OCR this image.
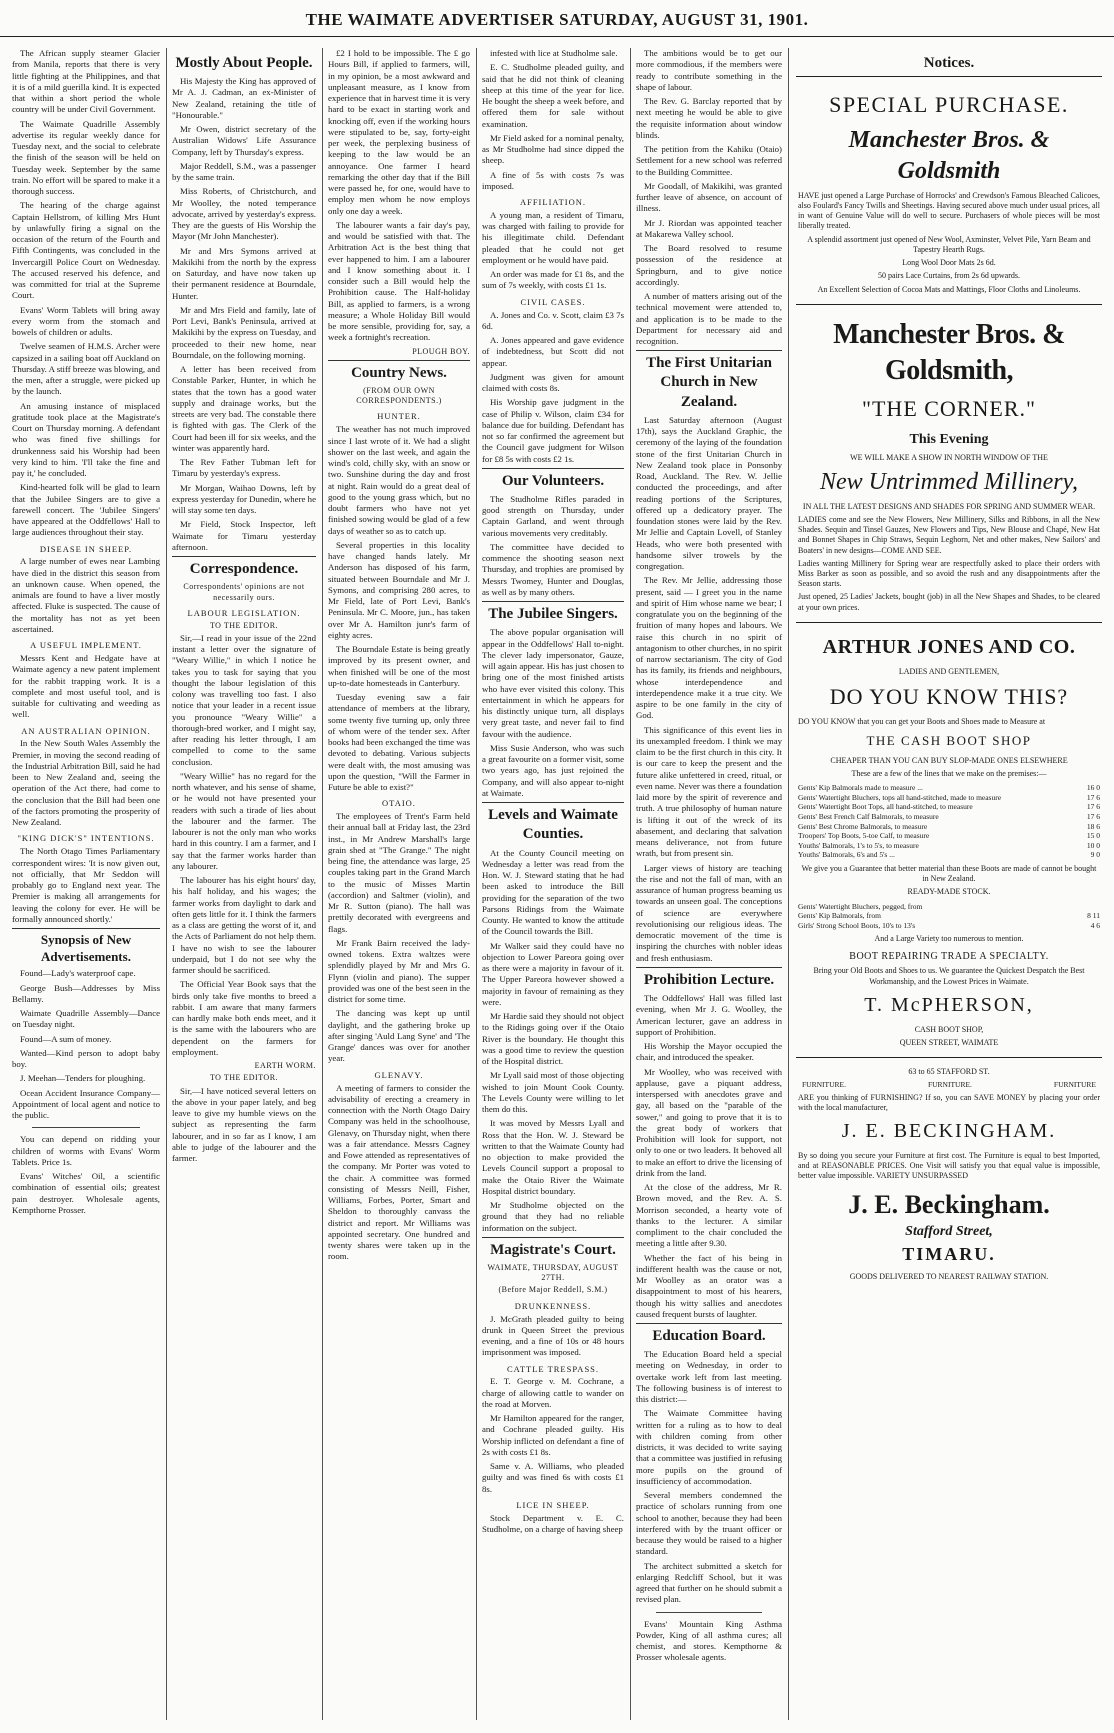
THE WAIMATE ADVERTISER SATURDAY, AUGUST 31, 1901.

The African supply steamer Glacier from Manila, reports that there is very little fighting at the Philippines, and that it is of a mild guerilla kind. It is expected that within a short period the whole country will be under Civil Government.

The Waimate Quadrille Assembly advertise its regular weekly dance for Tuesday next, and the social to celebrate the finish of the season will be held on Tuesday week. September by the same train. No effort will be spared to make it a thorough success.

The hearing of the charge against Captain Hellstrom, of killing Mrs Hunt by unlawfully firing a signal on the occasion of the return of the Fourth and Fifth Contingents, was concluded in the Invercargill Police Court on Wednesday. The accused reserved his defence, and was committed for trial at the Supreme Court.

Evans' Worm Tablets will bring away every worm from the stomach and bowels of children or adults.

Twelve seamen of H.M.S. Archer were capsized in a sailing boat off Auckland on Thursday. A stiff breeze was blowing, and the men, after a struggle, were picked up by the launch.

An amusing instance of misplaced gratitude took place at the Magistrate's Court on Thursday morning. A defendant who was fined five shillings for drunkenness said his Worship had been very kind to him. 'I'll take the fine and pay it,' he concluded.

Kind-hearted folk will be glad to learn that the Jubilee Singers are to give a farewell concert. The 'Jubilee Singers' have appeared at the Oddfellows' Hall to large audiences throughout their stay.

DISEASE IN SHEEP.

A large number of ewes near Lambing have died in the district this season from an unknown cause. When opened, the animals are found to have a liver mostly affected. Fluke is suspected. The cause of the mortality has not as yet been ascertained.

A USEFUL IMPLEMENT.

Messrs Kent and Hedgate have at Waimate agency a new patent implement for the rabbit trapping work. It is a complete and most useful tool, and is suitable for cultivating and weeding as well.

AN AUSTRALIAN OPINION.

In the New South Wales Assembly the Premier, in moving the second reading of the Industrial Arbitration Bill, said he had been to New Zealand and, seeing the operation of the Act there, had come to the conclusion that the Bill had been one of the factors promoting the prosperity of New Zealand.

"KING DICK'S" INTENTIONS.

The North Otago Times Parliamentary correspondent wires: 'It is now given out, not officially, that Mr Seddon will probably go to England next year. The Premier is making all arrangements for leaving the colony for ever. He will be formally announced shortly.'

Synopsis of New Advertisements.

Found—Lady's waterproof cape.

George Bush—Addresses by Miss Bellamy.

Waimate Quadrille Assembly—Dance on Tuesday night.

Found—A sum of money.

Wanted—Kind person to adopt baby boy.

J. Meehan—Tenders for ploughing.

Ocean Accident Insurance Company—Appointment of local agent and notice to the public.

You can depend on ridding your children of worms with Evans' Worm Tablets. Price 1s.

Evans' Witches' Oil, a scientific combination of essential oils; greatest pain destroyer. Wholesale agents, Kempthorne Prosser.

Mostly About People.

His Majesty the King has approved of Mr A. J. Cadman, an ex-Minister of New Zealand, retaining the title of "Honourable."

Mr Owen, district secretary of the Australian Widows' Life Assurance Company, left by Thursday's express.

Major Reddell, S.M., was a passenger by the same train.

Miss Roberts, of Christchurch, and Mr Woolley, the noted temperance advocate, arrived by yesterday's express. They are the guests of His Worship the Mayor (Mr John Manchester).

Mr and Mrs Symons arrived at Makikihi from the north by the express on Saturday, and have now taken up their permanent residence at Bourndale, Hunter.

Mr and Mrs Field and family, late of Port Levi, Bank's Peninsula, arrived at Makikihi by the express on Tuesday, and proceeded to their new home, near Bourndale, on the following morning.

A letter has been received from Constable Parker, Hunter, in which he states that the town has a good water supply and drainage works, but the streets are very bad. The constable there is fighted with gas. The Clerk of the Court had been ill for six weeks, and the winter was apparently hard.

The Rev Father Tubman left for Timaru by yesterday's express.

Mr Morgan, Waihao Downs, left by express yesterday for Dunedin, where he will stay some ten days.

Mr Field, Stock Inspector, left Waimate for Timaru yesterday afternoon.

Correspondence.
Correspondents' opinions are not necessarily ours.
LABOUR LEGISLATION.
TO THE EDITOR.

Sir,—I read in your issue of the 22nd instant a letter over the signature of "Weary Willie," in which I notice he takes you to task for saying that you thought the labour legislation of this colony was travelling too fast. I also notice that your leader in a recent issue you pronounce "Weary Willie" a thorough-bred worker, and I might say, after reading his letter through, I am compelled to come to the same conclusion.

"Weary Willie" has no regard for the north whatever, and his sense of shame, or he would not have presented your readers with such a tirade of lies about the labourer and the farmer. The labourer is not the only man who works hard in this country. I am a farmer, and I say that the farmer works harder than any labourer.

The labourer has his eight hours' day, his half holiday, and his wages; the farmer works from daylight to dark and often gets little for it. I think the farmers as a class are getting the worst of it, and the Acts of Parliament do not help them. I have no wish to see the labourer underpaid, but I do not see why the farmer should be sacrificed.

The Official Year Book says that the birds only take five months to breed a rabbit. I am aware that many farmers can hardly make both ends meet, and it is the same with the labourers who are dependent on the farmers for employment.

EARTH WORM.
TO THE EDITOR.

Sir,—I have noticed several letters on the above in your paper lately, and beg leave to give my humble views on the subject as representing the farm labourer, and in so far as I know, I am able to judge of the labourer and the farmer.

£2 I hold to be impossible. The £ go Hours Bill, if applied to farmers, will, in my opinion, be a most awkward and unpleasant measure, as I know from experience that in harvest time it is very hard to be exact in starting work and knocking off, even if the working hours were stipulated to be, say, forty-eight per week, the perplexing business of keeping to the law would be an annoyance. One farmer I heard remarking the other day that if the Bill were passed he, for one, would have to employ men whom he now employs only one day a week.

The labourer wants a fair day's pay, and would be satisfied with that. The Arbitration Act is the best thing that ever happened to him. I am a labourer and I know something about it. I consider such a Bill would help the Prohibition cause. The Half-holiday Bill, as applied to farmers, is a wrong measure; a Whole Holiday Bill would be more sensible, providing for, say, a week a fortnight's recreation.

PLOUGH BOY.
Country News.
(FROM OUR OWN CORRESPONDENTS.)
HUNTER.

The weather has not much improved since I last wrote of it. We had a slight shower on the last week, and again the wind's cold, chilly sky, with an snow or two. Sunshine during the day and frost at night. Rain would do a great deal of good to the young grass which, but no doubt farmers who have not yet finished sowing would be glad of a few days of weather so as to catch up.

Several properties in this locality have changed hands lately. Mr Anderson has disposed of his farm, situated between Bourndale and Mr J. Symons, and comprising 280 acres, to Mr Field, late of Port Levi, Bank's Peninsula. Mr C. Moore, jun., has taken over Mr A. Hamilton junr's farm of eighty acres.

The Bourndale Estate is being greatly improved by its present owner, and when finished will be one of the most up-to-date homesteads in Canterbury.

Tuesday evening saw a fair attendance of members at the library, some twenty five turning up, only three of whom were of the tender sex. After books had been exchanged the time was devoted to debating. Various subjects were dealt with, the most amusing was upon the question, "Will the Farmer in Future be able to exist?"

OTAIO.

The employees of Trent's Farm held their annual ball at Friday last, the 23rd inst., in Mr Andrew Marshall's large grain shed at "The Grange." The night being fine, the attendance was large, 25 couples taking part in the Grand March to the music of Misses Martin (accordion) and Saltmer (violin), and Mr R. Sutton (piano). The hall was prettily decorated with evergreens and flags.

Mr Frank Bairn received the lady-owned tokens. Extra waltzes were splendidly played by Mr and Mrs G. Flynn (violin and piano). The supper provided was one of the best seen in the district for some time.

The dancing was kept up until daylight, and the gathering broke up after singing 'Auld Lang Syne' and 'The Grange' dances was over for another year.

GLENAVY.

A meeting of farmers to consider the advisability of erecting a creamery in connection with the North Otago Dairy Company was held in the schoolhouse, Glenavy, on Thursday night, when there was a fair attendance. Messrs Cagney and Fowe attended as representatives of the company. Mr Porter was voted to the chair. A committee was formed consisting of Messrs Neill, Fisher, Williams, Forbes, Porter, Smart and Sheldon to thoroughly canvass the district and report. Mr Williams was appointed secretary. One hundred and twenty shares were taken up in the room.

infested with lice at Studholme sale.

E. C. Studholme pleaded guilty, and said that he did not think of cleaning sheep at this time of the year for lice. He bought the sheep a week before, and offered them for sale without examination.

Mr Field asked for a nominal penalty, as Mr Studholme had since dipped the sheep.

A fine of 5s with costs 7s was imposed.

AFFILIATION.

A young man, a resident of Timaru, was charged with failing to provide for his illegitimate child. Defendant pleaded that he could not get employment or he would have paid.

An order was made for £1 8s, and the sum of 7s weekly, with costs £1 1s.

CIVIL CASES.

A. Jones and Co. v. Scott, claim £3 7s 6d.

A. Jones appeared and gave evidence of indebtedness, but Scott did not appear.

Judgment was given for amount claimed with costs 8s.

His Worship gave judgment in the case of Philip v. Wilson, claim £34 for balance due for building. Defendant has not so far confirmed the agreement but the Council gave judgment for Wilson for £8 5s with costs £2 1s.

Our Volunteers.

The Studholme Rifles paraded in good strength on Thursday, under Captain Garland, and went through various movements very creditably.

The committee have decided to commence the shooting season next Thursday, and trophies are promised by Messrs Twomey, Hunter and Douglas, as well as by many others.

The Jubilee Singers.

The above popular organisation will appear in the Oddfellows' Hall to-night. The clever lady impersonator, Gauze, will again appear. His has just chosen to bring one of the most finished artists who have ever visited this colony. This entertainment in which he appears for his distinctly unique turn, all displays very great taste, and never fail to find favour with the audience.

Miss Susie Anderson, who was such a great favourite on a former visit, some two years ago, has just rejoined the Company, and will also appear to-night at Waimate.

Levels and Waimate Counties.

At the County Council meeting on Wednesday a letter was read from the Hon. W. J. Steward stating that he had been asked to introduce the Bill providing for the separation of the two Parsons Ridings from the Waimate County. He wanted to know the attitude of the Council towards the Bill.

Mr Walker said they could have no objection to Lower Pareora going over as there were a majority in favour of it. The Upper Pareora however showed a majority in favour of remaining as they were.

Mr Hardie said they should not object to the Ridings going over if the Otaio River is the boundary. He thought this was a good time to review the question of the Hospital district.

Mr Lyall said most of those objecting wished to join Mount Cook County. The Levels County were willing to let them do this.

It was moved by Messrs Lyall and Ross that the Hon. W. J. Steward be written to that the Waimate County had no objection to make provided the Levels Council support a proposal to make the Otaio River the Waimate Hospital district boundary.

Mr Studholme objected on the ground that they had no reliable information on the subject.

Magistrate's Court.
WAIMATE, THURSDAY, AUGUST 27TH.
(Before Major Reddell, S.M.)
DRUNKENNESS.

J. McGrath pleaded guilty to being drunk in Queen Street the previous evening, and a fine of 10s or 48 hours imprisonment was imposed.

CATTLE TRESPASS.

E. T. George v. M. Cochrane, a charge of allowing cattle to wander on the road at Morven.

Mr Hamilton appeared for the ranger, and Cochrane pleaded guilty. His Worship inflicted on defendant a fine of 2s with costs £1 8s.

Same v. A. Williams, who pleaded guilty and was fined 6s with costs £1 8s.

LICE IN SHEEP.

Stock Department v. E. C. Studholme, on a charge of having sheep

The ambitions would be to get our more commodious, if the members were ready to contribute something in the shape of labour.

The Rev. G. Barclay reported that by next meeting he would be able to give the requisite information about window blinds.

The petition from the Kahiku (Otaio) Settlement for a new school was referred to the Building Committee.

Mr Goodall, of Makikihi, was granted further leave of absence, on account of illness.

Mr J. Riordan was appointed teacher at Makarewa Valley school.

The Board resolved to resume possession of the residence at Springburn, and to give notice accordingly.

A number of matters arising out of the technical movement were attended to, and application is to be made to the Department for necessary aid and recognition.

The First Unitarian Church in New Zealand.

Last Saturday afternoon (August 17th), says the Auckland Graphic, the ceremony of the laying of the foundation stone of the first Unitarian Church in New Zealand took place in Ponsonby Road, Auckland. The Rev. W. Jellie conducted the proceedings, and after reading portions of the Scriptures, offered up a dedicatory prayer. The foundation stones were laid by the Rev. Mr Jellie and Captain Lovell, of Stanley Heads, who were both presented with handsome silver trowels by the congregation.

The Rev. Mr Jellie, addressing those present, said — I greet you in the name and spirit of Him whose name we bear; I congratulate you on the beginning of the fruition of many hopes and labours. We raise this church in no spirit of antagonism to other churches, in no spirit of narrow sectarianism. The city of God has its family, its friends and neighbours, whose interdependence and interdependence make it a true city. We aspire to be one family in the city of God.

This significance of this event lies in its unexampled freedom. I think we may claim to be the first church in this city. It is our care to keep the present and the future alike unfettered in creed, ritual, or even name. Never was there a foundation laid more by the spirit of reverence and truth. A true philosophy of human nature is lifting it out of the wreck of its abasement, and declaring that salvation means deliverance, not from future wrath, but from present sin.

Larger views of history are teaching the rise and not the fall of man, with an assurance of human progress beaming us towards an unseen goal. The conceptions of science are everywhere revolutionising our religious ideas. The democratic movement of the time is inspiring the churches with nobler ideas and fresh enthusiasm.

Prohibition Lecture.

The Oddfellows' Hall was filled last evening, when Mr J. G. Woolley, the American lecturer, gave an address in support of Prohibition.

His Worship the Mayor occupied the chair, and introduced the speaker.

Mr Woolley, who was received with applause, gave a piquant address, interspersed with anecdotes grave and gay, all based on the "parable of the sower," and going to prove that it is to the great body of workers that Prohibition will look for support, not only to one or two leaders. It behoved all to make an effort to drive the licensing of drink from the land.

At the close of the address, Mr R. Brown moved, and the Rev. A. S. Morrison seconded, a hearty vote of thanks to the lecturer. A similar compliment to the chair concluded the meeting a little after 9.30.

Whether the fact of his being in indifferent health was the cause or not, Mr Woolley as an orator was a disappointment to most of his hearers, though his witty sallies and anecdotes caused frequent bursts of laughter.

Education Board.

The Education Board held a special meeting on Wednesday, in order to overtake work left from last meeting. The following business is of interest to this district:—

The Waimate Committee having written for a ruling as to how to deal with children coming from other districts, it was decided to write saying that a committee was justified in refusing more pupils on the ground of insufficiency of accommodation.

Several members condemned the practice of scholars running from one school to another, because they had been interfered with by the truant officer or because they would be raised to a higher standard.

The architect submitted a sketch for enlarging Redcliff School, but it was agreed that further on he should submit a revised plan.

Evans' Mountain King Asthma Powder, King of all asthma cures; all chemist, and stores. Kempthorne & Prosser wholesale agents.

Notices.
SPECIAL PURCHASE.
Manchester Bros. & Goldsmith

HAVE just opened a Large Purchase of Horrocks' and Crewdson's Famous Bleached Calicoes, also Foulard's Fancy Twills and Sheetings. Having secured above much under usual prices, all in want of Genuine Value will do well to secure. Purchasers of whole pieces will be most liberally treated.

A splendid assortment just opened of New Wool, Axminster, Velvet Pile, Yarn Beam and Tapestry Hearth Rugs.

Long Wool Door Mats 2s 6d.

50 pairs Lace Curtains, from 2s 6d upwards.

An Excellent Selection of Cocoa Mats and Mattings, Floor Cloths and Linoleums.

Manchester Bros. & Goldsmith,
"THE CORNER."
This Evening

WE WILL MAKE A SHOW IN NORTH WINDOW OF THE

New Untrimmed Millinery,

IN ALL THE LATEST DESIGNS AND SHADES FOR SPRING AND SUMMER WEAR.

LADIES come and see the New Flowers, New Millinery, Silks and Ribbons, in all the New Shades. Sequin and Tinsel Gauzes, New Flowers and Tips, New Blouse and Chapé, New Hat and Bonnet Shapes in Chip Straws, Sequin Leghorn, Net and other makes, New Sailors' and Boaters' in new designs—COME AND SEE.

Ladies wanting Millinery for Spring wear are respectfully asked to place their orders with Miss Barker as soon as possible, and so avoid the rush and any disappointments after the Season starts.

Just opened, 25 Ladies' Jackets, bought (job) in all the New Shapes and Shades, to be cleared at your own prices.

ARTHUR JONES AND CO.

LADIES AND GENTLEMEN,

DO YOU KNOW THIS?

DO YOU KNOW that you can get your Boots and Shoes made to Measure at

THE CASH BOOT SHOP

CHEAPER THAN YOU CAN BUY SLOP-MADE ONES ELSEWHERE

These are a few of the lines that we make on the premises:—

Gents' Kip Balmorals made to measure ...	16 0
Gents' Watertight Bluchers, tops all hand-stitched, made to measure	17 6
Gents' Watertight Boot Tops, all hand-stitched, to measure	17 6
Gents' Best French Calf Balmorals, to measure	17 6
Gents' Best Chrome Balmorals, to measure	18 6
Troopers' Top Boots, 5-toe Calf, to measure	15 0
Youths' Balmorals, 1's to 5's, to measure	10 0
Youths' Balmorals, 6's and 5's ...	9 0

We give you a Guarantee that better material than these Boots are made of cannot be bought in New Zealand.

READY-MADE STOCK.

Gents' Watertight Bluchers, pegged, from	
Gents' Kip Balmorals, from	8 11
Girls' Strong School Boots, 10's to 13's	4 6

And a Large Variety too numerous to mention.

BOOT REPAIRING TRADE A SPECIALTY.

Bring your Old Boots and Shoes to us. We guarantee the Quickest Despatch the Best Workmanship, and the Lowest Prices in Waimate.

T. McPHERSON,

CASH BOOT SHOP,

QUEEN STREET, WAIMATE

63 to 65 STAFFORD ST.

FURNITURE.	FURNITURE.	FURNITURE

ARE you thinking of FURNISHING? If so, you can SAVE MONEY by placing your order with the local manufacturer,

J. E. BECKINGHAM.

By so doing you secure your Furniture at first cost. The Furniture is equal to best Imported, and at REASONABLE PRICES. One Visit will satisfy you that equal value is impossible, better value impossible. VARIETY UNSURPASSED

J. E. Beckingham.
Stafford Street,
TIMARU.

GOODS DELIVERED TO NEAREST RAILWAY STATION.
